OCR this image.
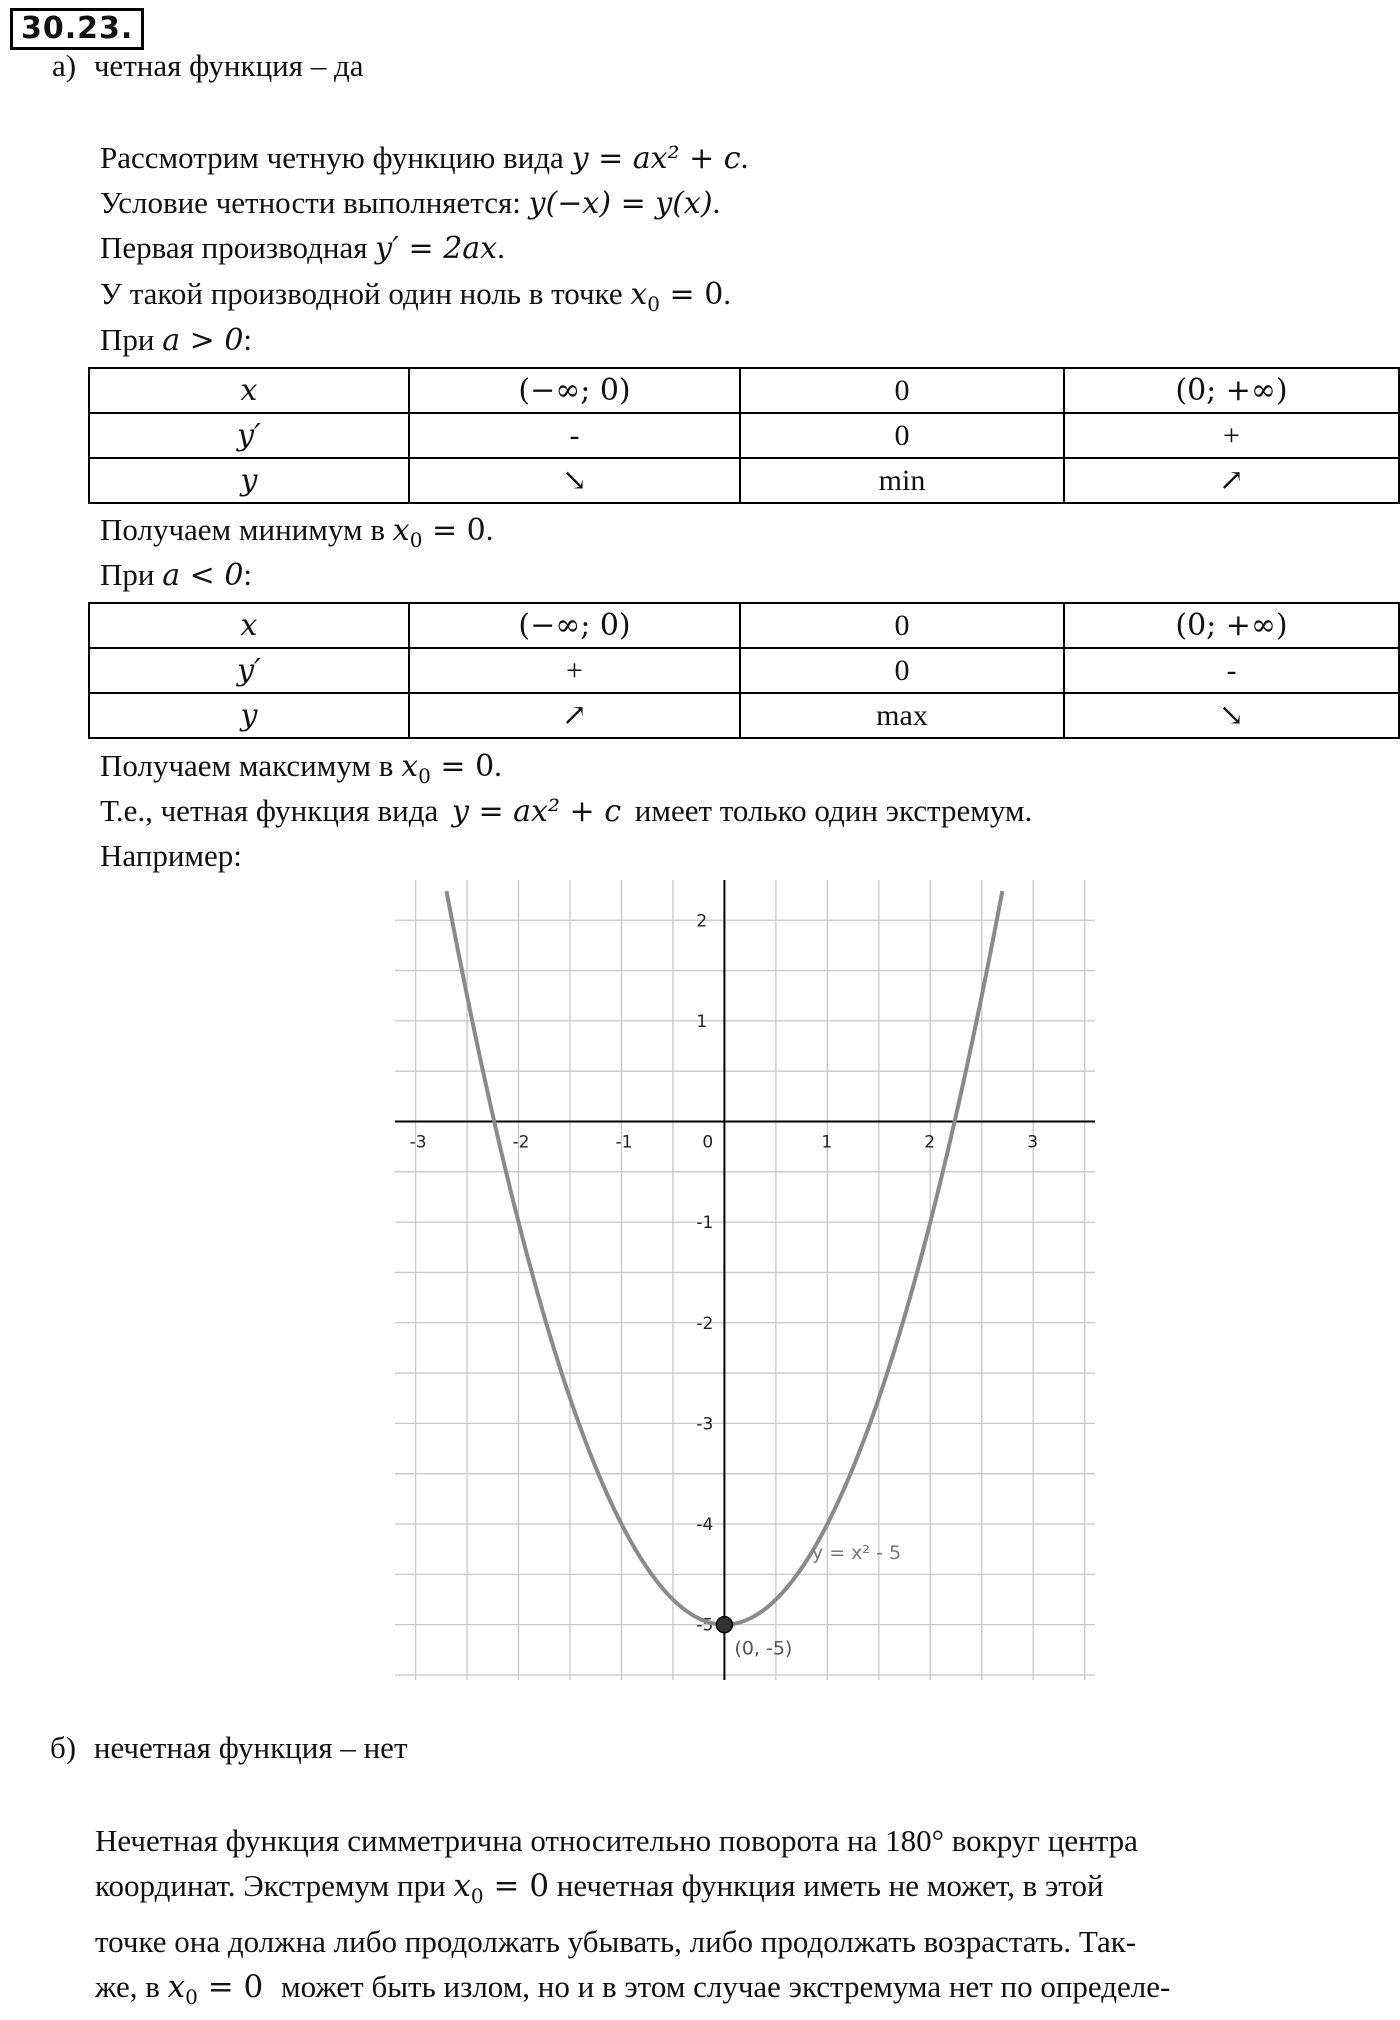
30.23.
а) четная функция – да
Рассмотрим четную функцию вида y = ax² + c.
Условие четности выполняется: y(−x) = y(x).
Первая производная y′ = 2ax.
У такой производной один ноль в точке $x_0 = 0$.
При a > 0:
x	(−∞; 0)	0	(0; +∞)
y′	-	0	+
y	↘	min	↗
Получаем минимум в $x_0 = 0$.
При a < 0:
x	(−∞; 0)	0	(0; +∞)
y′	+	0	-
y	↗	max	↘
Получаем максимум в $x_0 = 0$.
Т.е., четная функция вида y = ax² + c имеет только один экстремум.
Например:
-3	-2	-1	0	1	2	3
2
1
-1
-2
-3
-4
-5
y = x² - 5
(0, -5)
б) нечетная функция – нет
Нечетная функция симметрична относительно поворота на 180° вокруг центра
координат. Экстремум при $x_0 = 0$ нечетная функция иметь не может, в этой
точке она должна либо продолжать убывать, либо продолжать возрастать. Так-
же, в $x_0 = 0$ может быть излом, но и в этом случае экстремума нет по определе-
